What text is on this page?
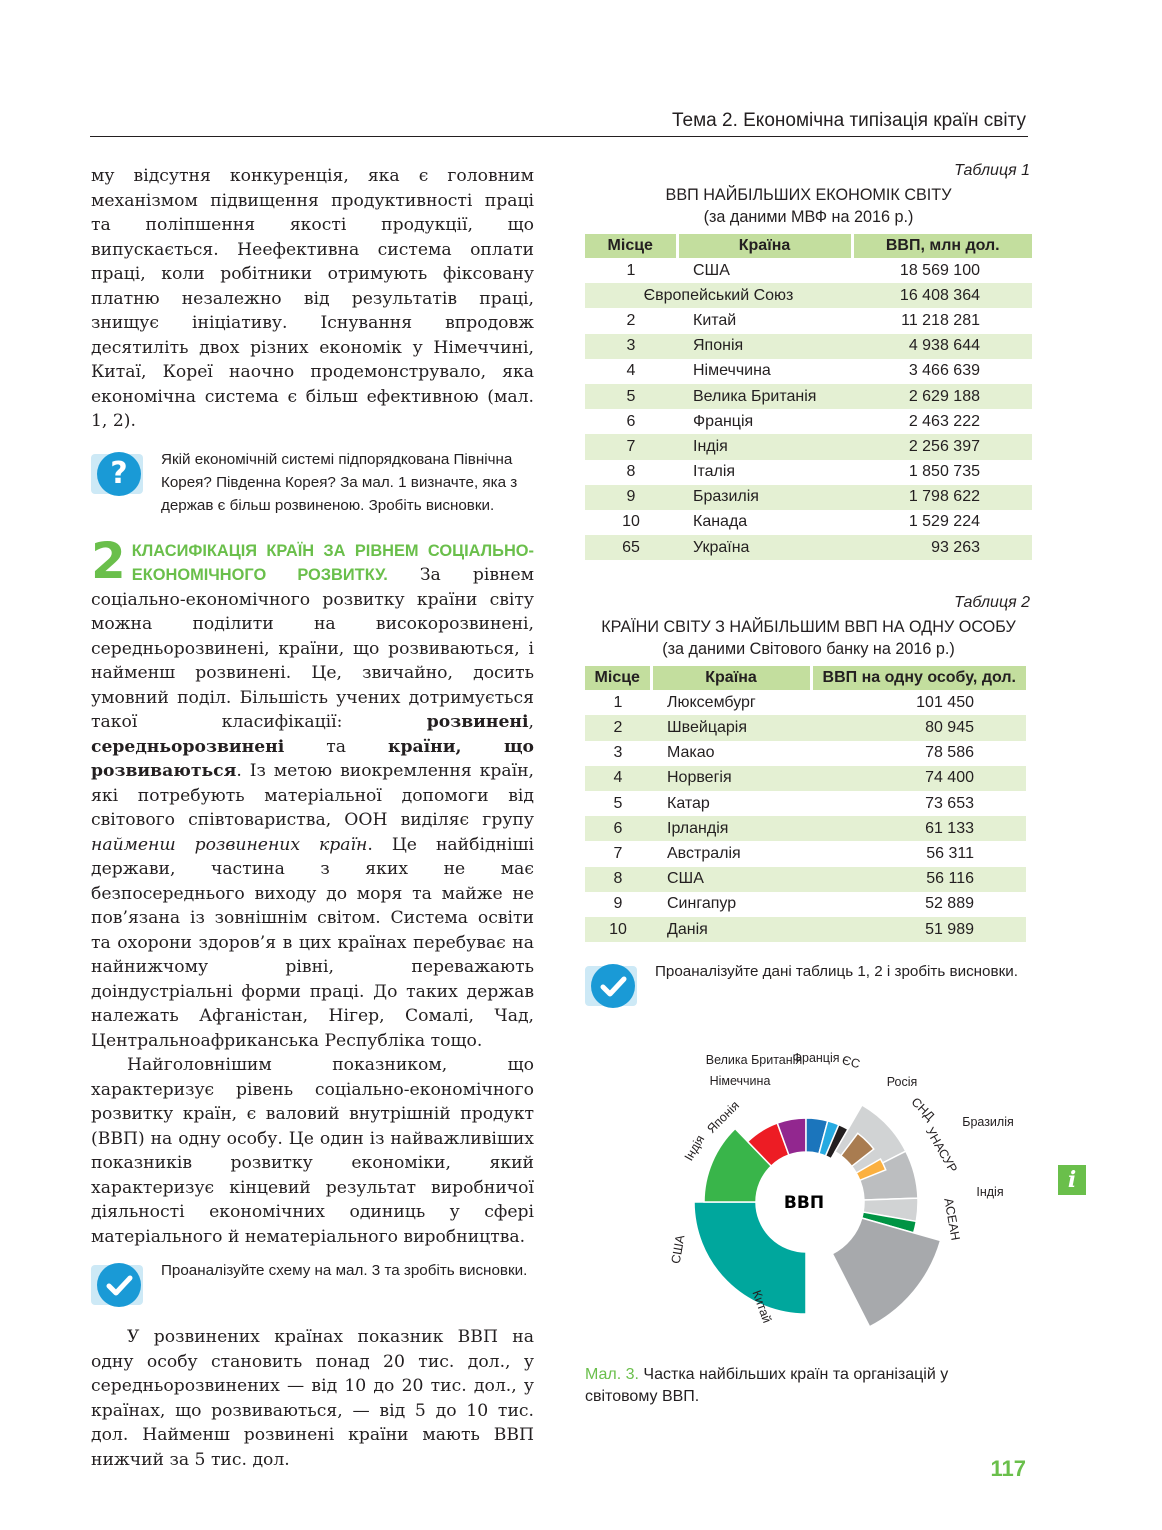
Тема 2. Економічна типізація країн світу

му відсутня конкуренція, яка є головним механізмом підвищення продуктивності праці та поліпшення якості продукції, що випускається. Неефективна система оплати праці, коли робітники отримують фіксовану платню незалежно від результатів праці, знищує ініціативу. Існування впродовж десятиліть двох різних економік у Німеччині, Китаї, Кореї наочно продемонструвало, яка економічна система є більш ефективною (мал. 1, 2).

?	Якій економічній системі підпорядкована Північна Корея? Південна Корея? За мал. 1 визначте, яка з держав є більш розвиненою. Зробіть висновки.
2 КЛАСИФІКАЦІЯ КРАЇН ЗА РІВНЕМ СОЦІАЛЬНО-ЕКОНОМІЧНОГО РОЗВИТКУ. За рівнем соціально-економічного розвитку країни світу можна поділити на високорозвинені, середньорозвинені, країни, що розвиваються, і найменш розвинені. Це, звичайно, досить умовний поділ. Більшість учених дотримується такої класифікації: розвинені, середньорозвинені та країни, що розвиваються. Із метою виокремлення країн, які потребують матеріальної допомоги від світового співтовариства, ООН виділяє групу найменш розвинених країн. Це найбідніші держави, частина з яких не має безпосереднього виходу до моря та майже не пов’язана із зовнішнім світом. Система освіти та охорони здоров’я в цих країнах перебуває на найнижчому рівні, переважають доіндустріальні форми праці. До таких держав належать Афганістан, Нігер, Сомалі, Чад, Центральноафриканська Республіка тощо.

Найголовнішим показником, що характеризує рівень соціально-економічного розвитку країн, є валовий внутрішній продукт (ВВП) на одну особу. Це один із найважливіших показників розвитку економіки, який характеризує кінцевий результат виробничої діяльності економічних одиниць у сфері матеріального й нематеріального виробництва.

Проаналізуйте схему на мал. 3 та зробіть висновки.

У розвинених країнах показник ВВП на одну особу становить понад 20 тис. дол., у середньорозвинених — від 10 до 20 тис. дол., у країнах, що розвиваються, — від 5 до 10 тис. дол. Найменш розвинені країни мають ВВП нижчий за 5 тис. дол.

Таблиця 1
ВВП НАЙБІЛЬШИХ ЕКОНОМІК СВІТУ
(за даними МВФ на 2016 р.)
Місце	Країна	ВВП, млн дол.
1	США	18 569 100
Європейський Союз		16 408 364
2	Китай	11 218 281
3	Японія	4 938 644
4	Німеччина	3 466 639
5	Велика Британія	2 629 188
6	Франція	2 463 222
7	Індія	2 256 397
8	Італія	1 850 735
9	Бразилія	1 798 622
10	Канада	1 529 224
65	Україна	93 263
Таблиця 2
КРАЇНИ СВІТУ З НАЙБІЛЬШИМ ВВП НА ОДНУ ОСОБУ
(за даними Світового банку на 2016 р.)
Місце	Країна	ВВП на одну особу, дол.
1	Люксембург	101 450
2	Швейцарія	80 945
3	Макао	78 586
4	Норвегія	74 400
5	Катар	73 653
6	Ірландія	61 133
7	Австралія	56 311
8	США	56 116
9	Сингапур	52 889
10	Данія	51 989
Проаналізуйте дані таблиць 1, 2 і зробіть висновки.
Китай
США
Індія
Японія
Німеччина
Велика Британія
Франція ЄС
Росія
СНД Бразилія
УНАСУР
Індія
АСЕАН
ВВП
Мал. 3. Частка найбільших країн та організацій у світовому ВВП.
i
117
